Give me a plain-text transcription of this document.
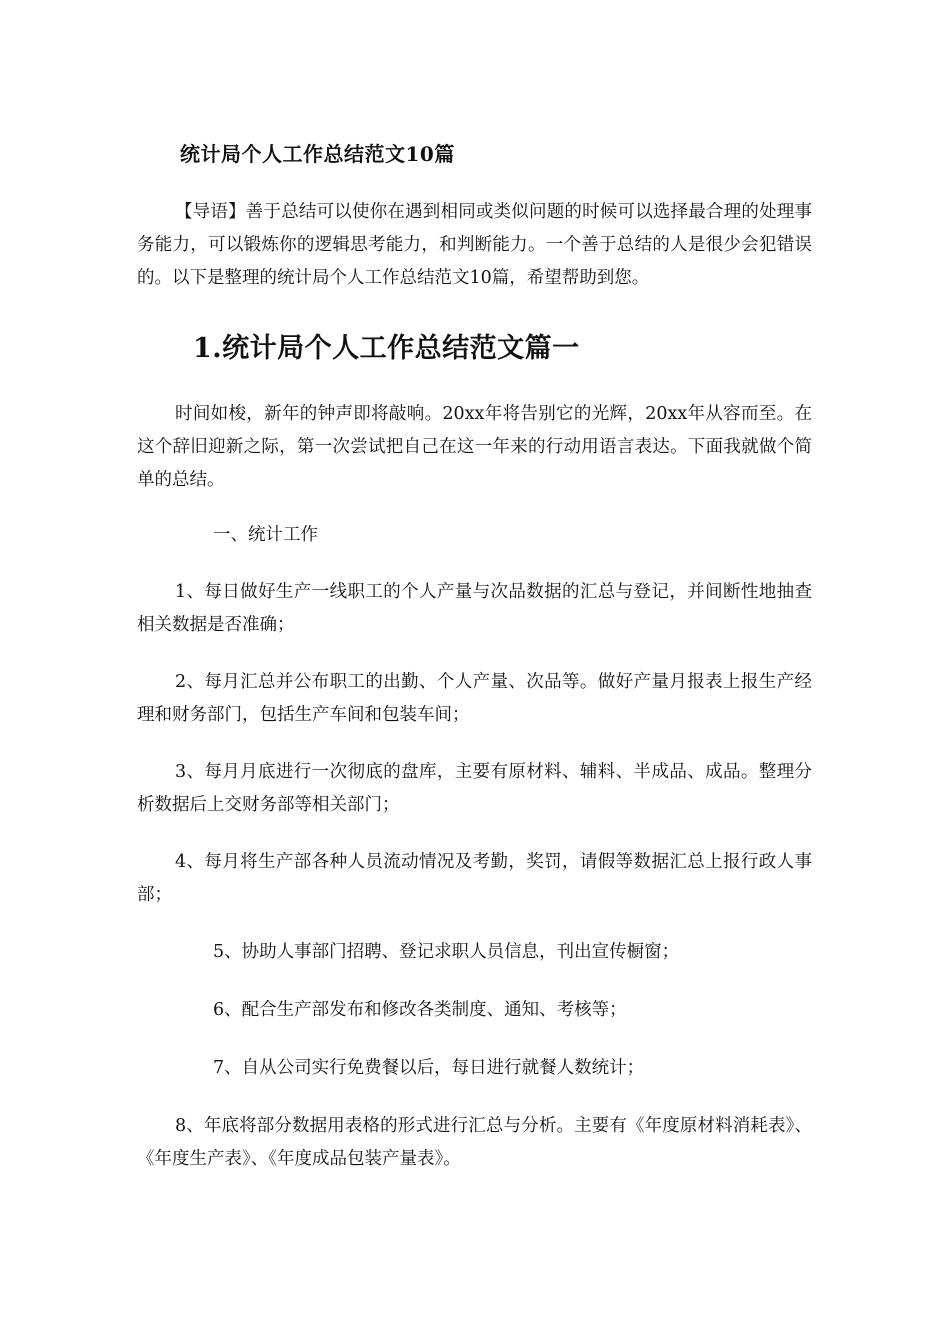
统计局个人工作总结范文10篇

【导语】善于总结可以使你在遇到相同或类似问题的时候可以选择最合理的处理事务能力，可以锻炼你的逻辑思考能力，和判断能力。一个善于总结的人是很少会犯错误的。以下是整理的统计局个人工作总结范文10篇，希望帮助到您。

1.统计局个人工作总结范文篇一

时间如梭，新年的钟声即将敲响。20xx年将告别它的光辉，20xx年从容而至。在这个辞旧迎新之际，第一次尝试把自己在这一年来的行动用语言表达。下面我就做个简单的总结。

一、统计工作

1、每日做好生产一线职工的个人产量与次品数据的汇总与登记，并间断性地抽查相关数据是否准确；

2、每月汇总并公布职工的出勤、个人产量、次品等。做好产量月报表上报生产经理和财务部门，包括生产车间和包装车间；

3、每月月底进行一次彻底的盘库，主要有原材料、辅料、半成品、成品。整理分析数据后上交财务部等相关部门；

4、每月将生产部各种人员流动情况及考勤，奖罚，请假等数据汇总上报行政人事部；

5、协助人事部门招聘、登记求职人员信息，刊出宣传橱窗；

6、配合生产部发布和修改各类制度、通知、考核等；

7、自从公司实行免费餐以后，每日进行就餐人数统计；

8、年底将部分数据用表格的形式进行汇总与分析。主要有《年度原材料消耗表》、《年度生产表》、《年度成品包装产量表》。
